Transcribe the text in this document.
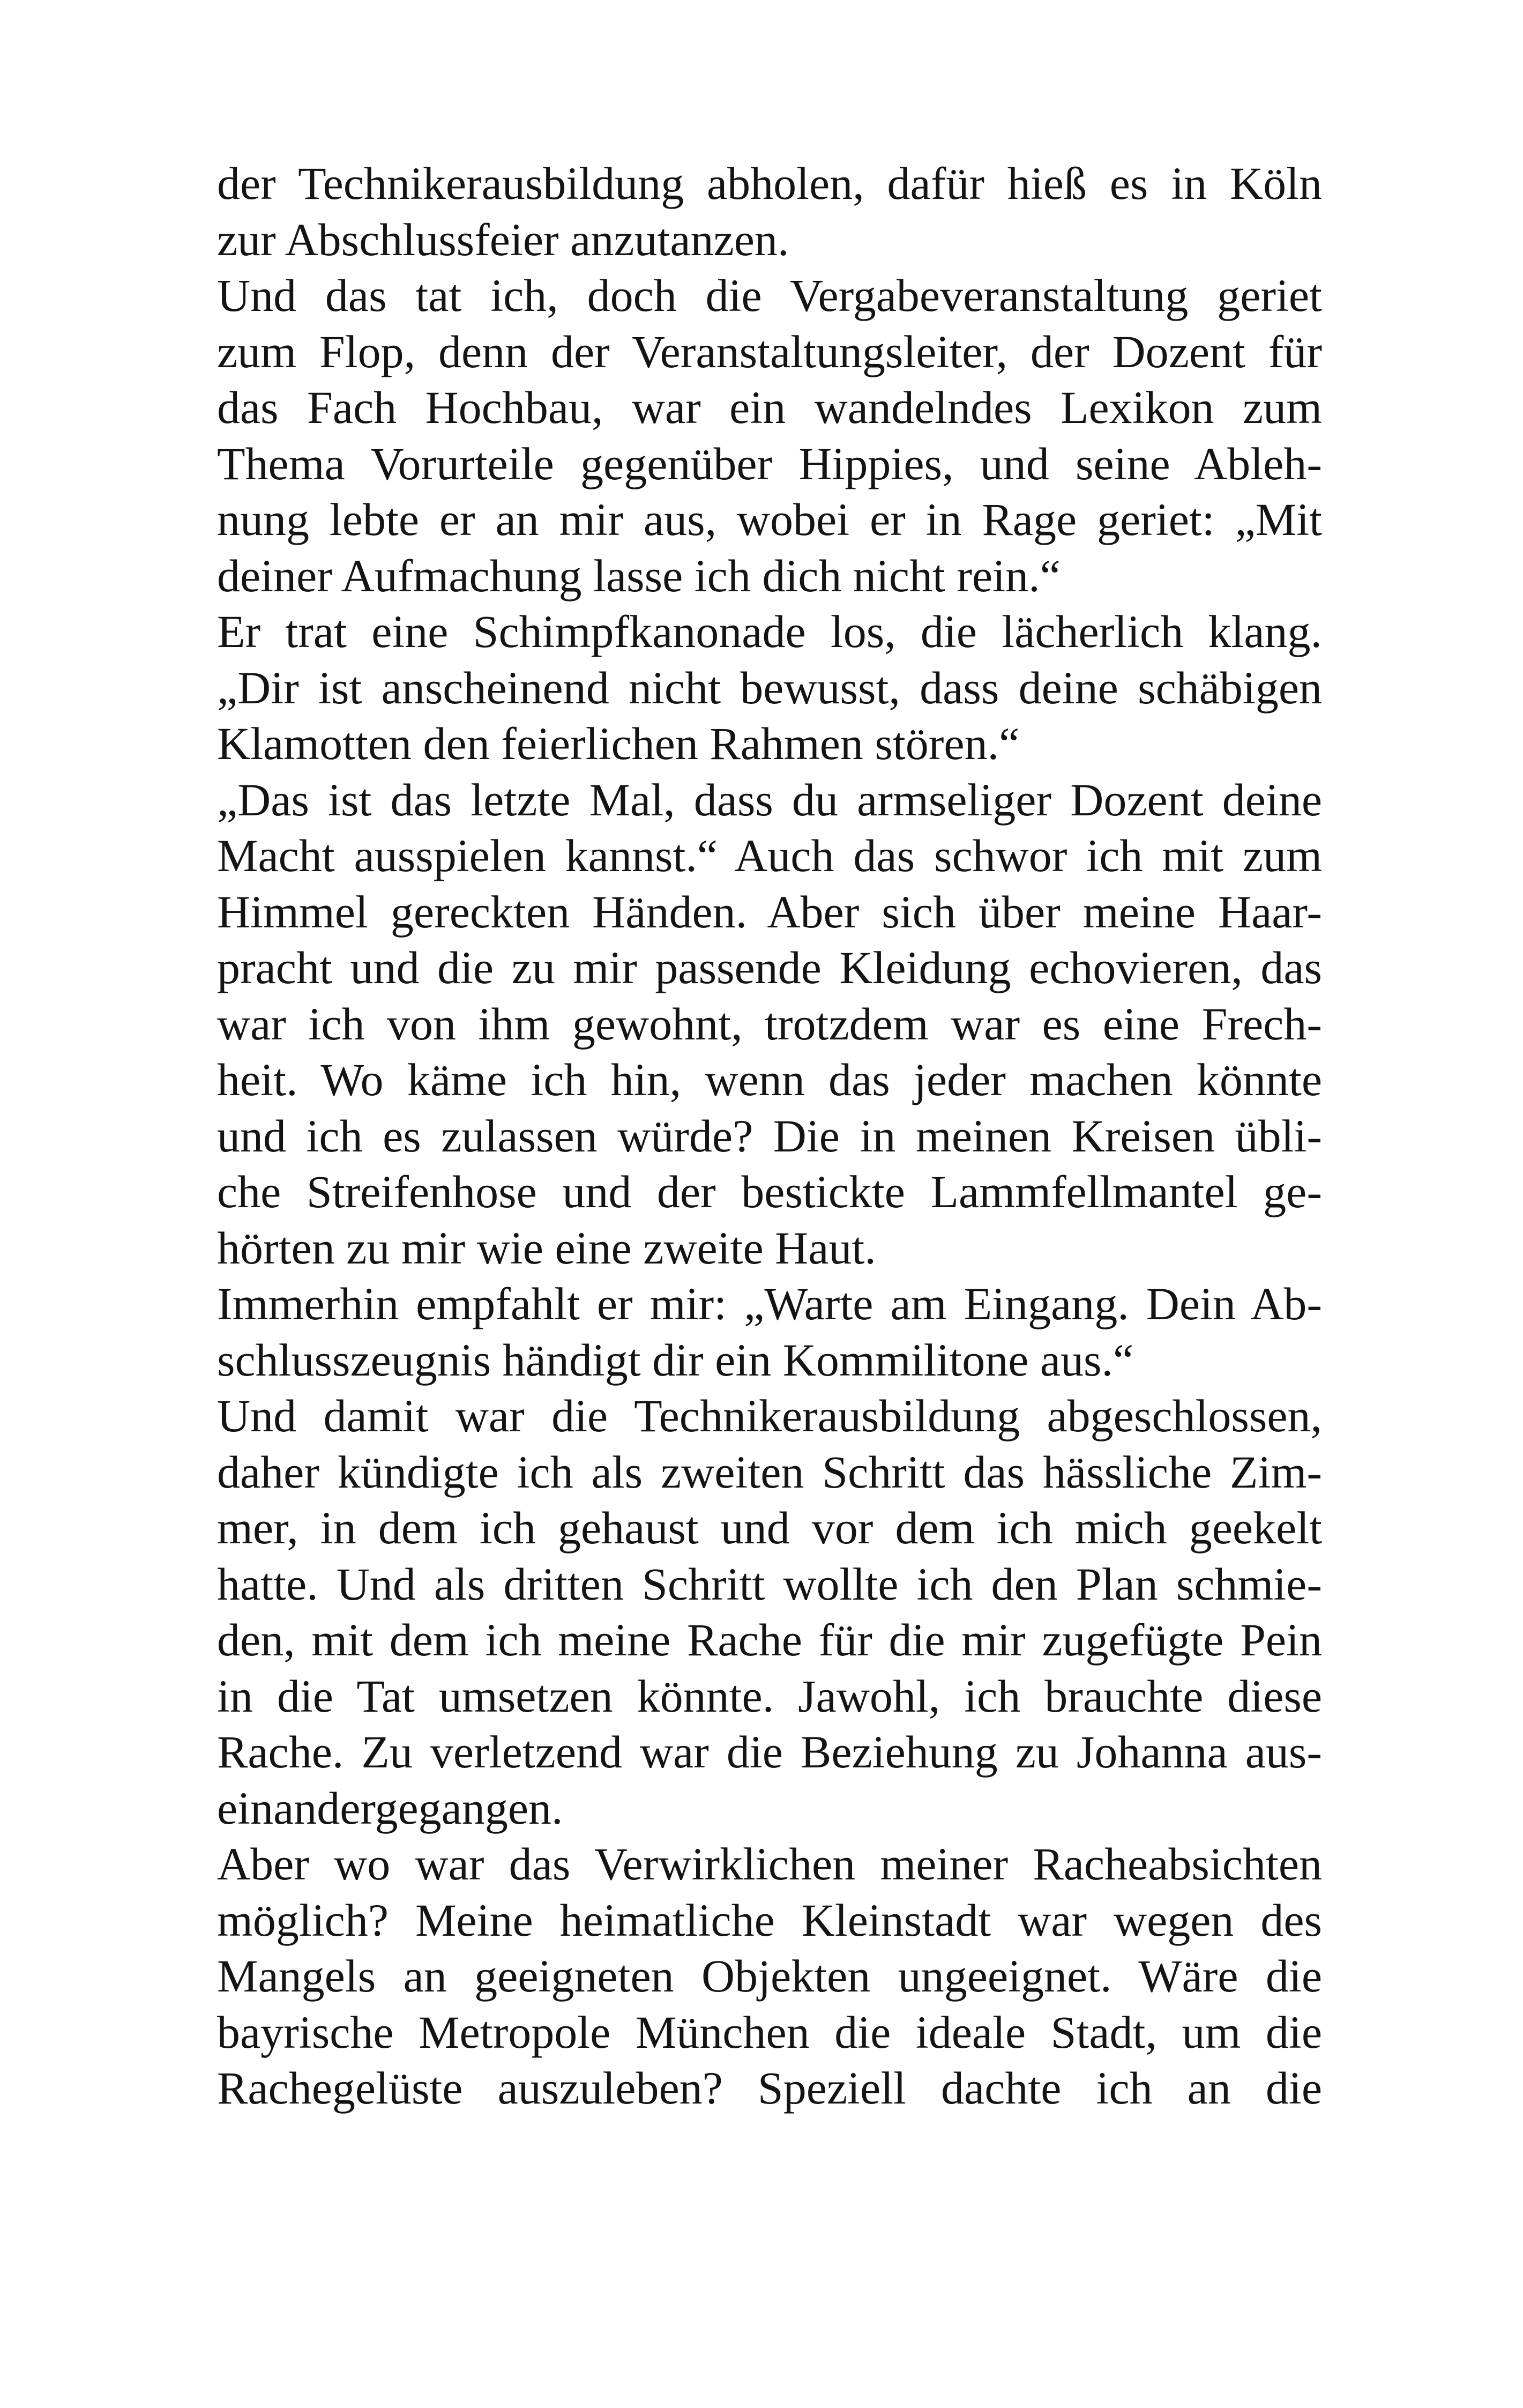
der Technikerausbildung abholen, dafür hieß es in Köln
zur Abschlussfeier anzutanzen.
Und das tat ich, doch die Vergabeveranstaltung geriet
zum Flop, denn der Veranstaltungsleiter, der Dozent für
das Fach Hochbau, war ein wandelndes Lexikon zum
Thema Vorurteile gegenüber Hippies, und seine Ableh-
nung lebte er an mir aus, wobei er in Rage geriet: „Mit
deiner Aufmachung lasse ich dich nicht rein.“
Er trat eine Schimpfkanonade los, die lächerlich klang.
„Dir ist anscheinend nicht bewusst, dass deine schäbigen
Klamotten den feierlichen Rahmen stören.“
„Das ist das letzte Mal, dass du armseliger Dozent deine
Macht ausspielen kannst.“ Auch das schwor ich mit zum
Himmel gereckten Händen. Aber sich über meine Haar-
pracht und die zu mir passende Kleidung echovieren, das
war ich von ihm gewohnt, trotzdem war es eine Frech-
heit. Wo käme ich hin, wenn das jeder machen könnte
und ich es zulassen würde? Die in meinen Kreisen übli-
che Streifenhose und der bestickte Lammfellmantel ge-
hörten zu mir wie eine zweite Haut.
Immerhin empfahlt er mir: „Warte am Eingang. Dein Ab-
schlusszeugnis händigt dir ein Kommilitone aus.“
Und damit war die Technikerausbildung abgeschlossen,
daher kündigte ich als zweiten Schritt das hässliche Zim-
mer, in dem ich gehaust und vor dem ich mich geekelt
hatte. Und als dritten Schritt wollte ich den Plan schmie-
den, mit dem ich meine Rache für die mir zugefügte Pein
in die Tat umsetzen könnte. Jawohl, ich brauchte diese
Rache. Zu verletzend war die Beziehung zu Johanna aus-
einandergegangen.
Aber wo war das Verwirklichen meiner Racheabsichten
möglich? Meine heimatliche Kleinstadt war wegen des
Mangels an geeigneten Objekten ungeeignet. Wäre die
bayrische Metropole München die ideale Stadt, um die
Rachegelüste auszuleben? Speziell dachte ich an die
